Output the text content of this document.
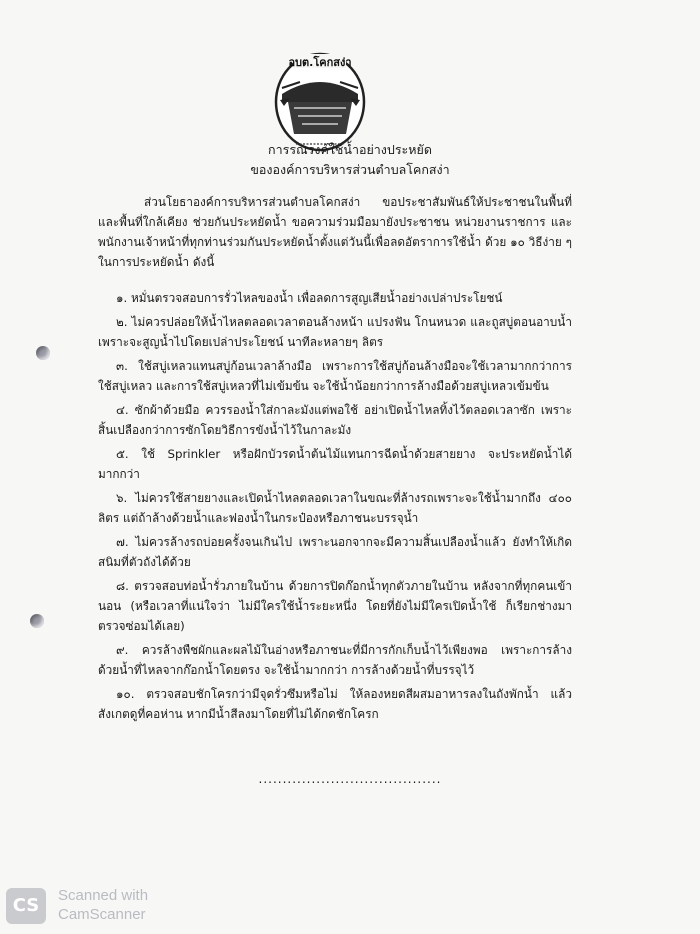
อบต.โคกสง่า
การรณรงค์ใช้น้ำอย่างประหยัด
ขององค์การบริหารส่วนตำบลโคกสง่า

ส่วนโยธาองค์การบริหารส่วนตำบลโคกสง่า ขอประชาสัมพันธ์ให้ประชาชนในพื้นที่และพื้นที่ใกล้เคียง ช่วยกันประหยัดน้ำ ขอความร่วมมือมายังประชาชน หน่วยงานราชการ และพนักงานเจ้าหน้าที่ทุกท่านร่วมกันประหยัดน้ำตั้งแต่วันนี้เพื่อลดอัตราการใช้น้ำ ด้วย ๑๐ วิธีง่าย ๆ ในการประหยัดน้ำ ดังนี้

๑. หมั่นตรวจสอบการรั่วไหลของน้ำ เพื่อลดการสูญเสียน้ำอย่างเปล่าประโยชน์
๒. ไม่ควรปล่อยให้น้ำไหลตลอดเวลาตอนล้างหน้า แปรงฟัน โกนหนวด และถูสบู่ตอนอาบน้ำ เพราะจะสูญน้ำไปโดยเปล่าประโยชน์ นาทีละหลายๆ ลิตร
๓. ใช้สบู่เหลวแทนสบู่ก้อนเวลาล้างมือ เพราะการใช้สบู่ก้อนล้างมือจะใช้เวลามากกว่าการใช้สบู่เหลว และการใช้สบู่เหลวที่ไม่เข้มข้น จะใช้น้ำน้อยกว่าการล้างมือด้วยสบู่เหลวเข้มข้น
๔. ซักผ้าด้วยมือ ควรรองน้ำใส่กาละมังแต่พอใช้ อย่าเปิดน้ำไหลทิ้งไว้ตลอดเวลาซัก เพราะสิ้นเปลืองกว่าการซักโดยวิธีการขังน้ำไว้ในกาละมัง
๕. ใช้ Sprinkler หรือฝักบัวรดน้ำต้นไม้แทนการฉีดน้ำด้วยสายยาง จะประหยัดน้ำได้มากกว่า
๖. ไม่ควรใช้สายยางและเปิดน้ำไหลตลอดเวลาในขณะที่ล้างรถเพราะจะใช้น้ำมากถึง ๔๐๐ ลิตร แต่ถ้าล้างด้วยน้ำและฟองน้ำในกระป๋องหรือภาชนะบรรจุน้ำ
๗. ไม่ควรล้างรถบ่อยครั้งจนเกินไป เพราะนอกจากจะมีความสิ้นเปลืองน้ำแล้ว ยังทำให้เกิดสนิมที่ตัวถังได้ด้วย
๘. ตรวจสอบท่อน้ำรั่วภายในบ้าน ด้วยการปิดก๊อกน้ำทุกตัวภายในบ้าน หลังจากที่ทุกคนเข้านอน (หรือเวลาที่แน่ใจว่า ไม่มีใครใช้น้ำระยะหนึ่ง โดยที่ยังไม่มีใครเปิดน้ำใช้ ก็เรียกช่างมาตรวจซ่อมได้เลย)
๙. ควรล้างพืชผักและผลไม้ในอ่างหรือภาชนะที่มีการกักเก็บน้ำไว้เพียงพอ เพราะการล้างด้วยน้ำที่ไหลจากก๊อกน้ำโดยตรง จะใช้น้ำมากกว่า การล้างด้วยน้ำที่บรรจุไว้
๑๐. ตรวจสอบชักโครกว่ามีจุดรั่วซึมหรือไม่ ให้ลองหยดสีผสมอาหารลงในถังพักน้ำ แล้วสังเกตดูที่คอห่าน หากมีน้ำสีลงมาโดยที่ไม่ได้กดชักโครก
......................................
CS	Scanned with
CamScanner
